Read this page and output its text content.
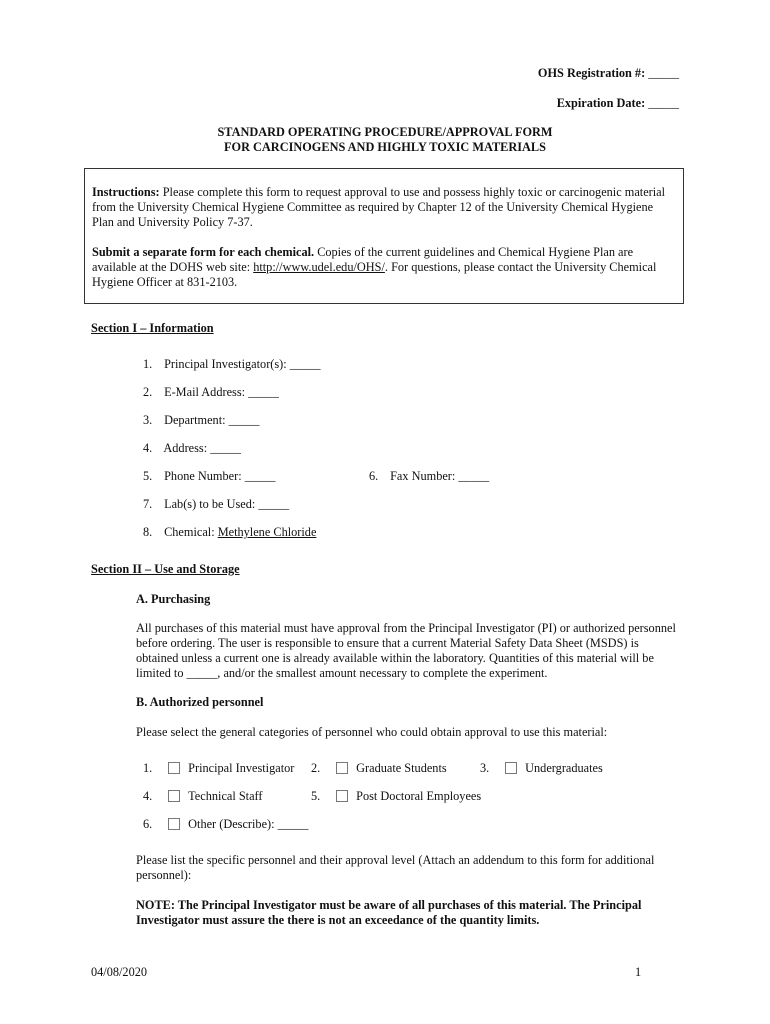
OHS Registration #: _____
Expiration Date: _____
STANDARD OPERATING PROCEDURE/APPROVAL FORM
FOR CARCINOGENS AND HIGHLY TOXIC MATERIALS
Instructions: Please complete this form to request approval to use and possess highly toxic or carcinogenic material from the University Chemical Hygiene Committee as required by Chapter 12 of the University Chemical Hygiene Plan and University Policy 7-37.
Submit a separate form for each chemical. Copies of the current guidelines and Chemical Hygiene Plan are available at the DOHS web site: http://www.udel.edu/OHS/. For questions, please contact the University Chemical Hygiene Officer at 831-2103.
Section I – Information
1. Principal Investigator(s): _____
2. E-Mail Address: _____
3. Department: _____
4. Address: _____
5. Phone Number: _____	6. Fax Number: _____
7. Lab(s) to be Used: _____
8. Chemical: Methylene Chloride
Section II – Use and Storage
A. Purchasing
All purchases of this material must have approval from the Principal Investigator (PI) or authorized personnel before ordering. The user is responsible to ensure that a current Material Safety Data Sheet (MSDS) is obtained unless a current one is already available within the laboratory. Quantities of this material will be limited to _____, and/or the smallest amount necessary to complete the experiment.
B. Authorized personnel
Please select the general categories of personnel who could obtain approval to use this material:
1.	Principal Investigator 2.	Graduate Students	3.	Undergraduates
4.	Technical Staff	5.	Post Doctoral Employees
6.	Other (Describe): _____
Please list the specific personnel and their approval level (Attach an addendum to this form for additional personnel):
NOTE: The Principal Investigator must be aware of all purchases of this material. The Principal Investigator must assure the there is not an exceedance of the quantity limits.
04/08/2020	1
